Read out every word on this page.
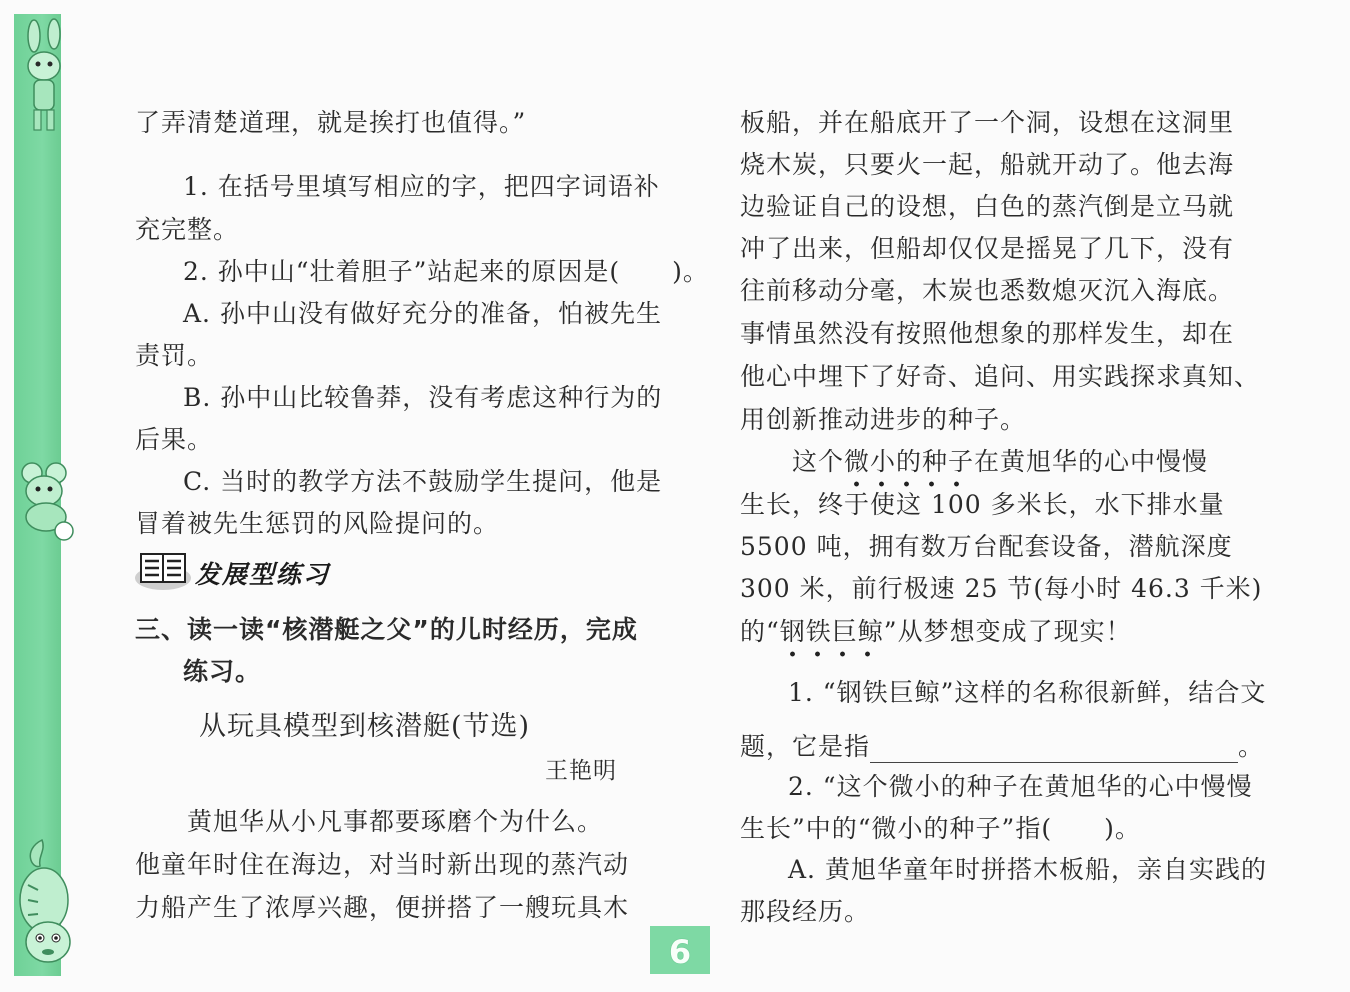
了弄清楚道理，就是挨打也值得。”

1. 在括号里填写相应的字，把四字词语补

充完整。

2. 孙中山“壮着胆子”站起来的原因是(　　)。

A. 孙中山没有做好充分的准备，怕被先生

责罚。

B. 孙中山比较鲁莽，没有考虑这种行为的

后果。

C. 当时的教学方法不鼓励学生提问，他是

冒着被先生惩罚的风险提问的。

三、读一读“核潜艇之父”的儿时经历，完成

练习。

从玩具模型到核潜艇(节选)

王艳明

黄旭华从小凡事都要琢磨个为什么。

他童年时住在海边，对当时新出现的蒸汽动

力船产生了浓厚兴趣，便拼搭了一艘玩具木

发展型练习

板船，并在船底开了一个洞，设想在这洞里

烧木炭，只要火一起，船就开动了。他去海

边验证自己的设想，白色的蒸汽倒是立马就

冲了出来，但船却仅仅是摇晃了几下，没有

往前移动分毫，木炭也悉数熄灭沉入海底。

事情虽然没有按照他想象的那样发生，却在

他心中埋下了好奇、追问、用实践探求真知、

用创新推动进步的种子。

这个微小的种子在黄旭华的心中慢慢

生长，终于使这 100 多米长，水下排水量

5500 吨，拥有数万台配套设备，潜航深度

300 米，前行极速 25 节(每小时 46.3 千米)

的“钢铁巨鲸”从梦想变成了现实！

1. “钢铁巨鲸”这样的名称很新鲜，结合文

题，它是指	。

2. “这个微小的种子在黄旭华的心中慢慢

生长”中的“微小的种子”指(　　)。

A. 黄旭华童年时拼搭木板船，亲自实践的

那段经历。

6
